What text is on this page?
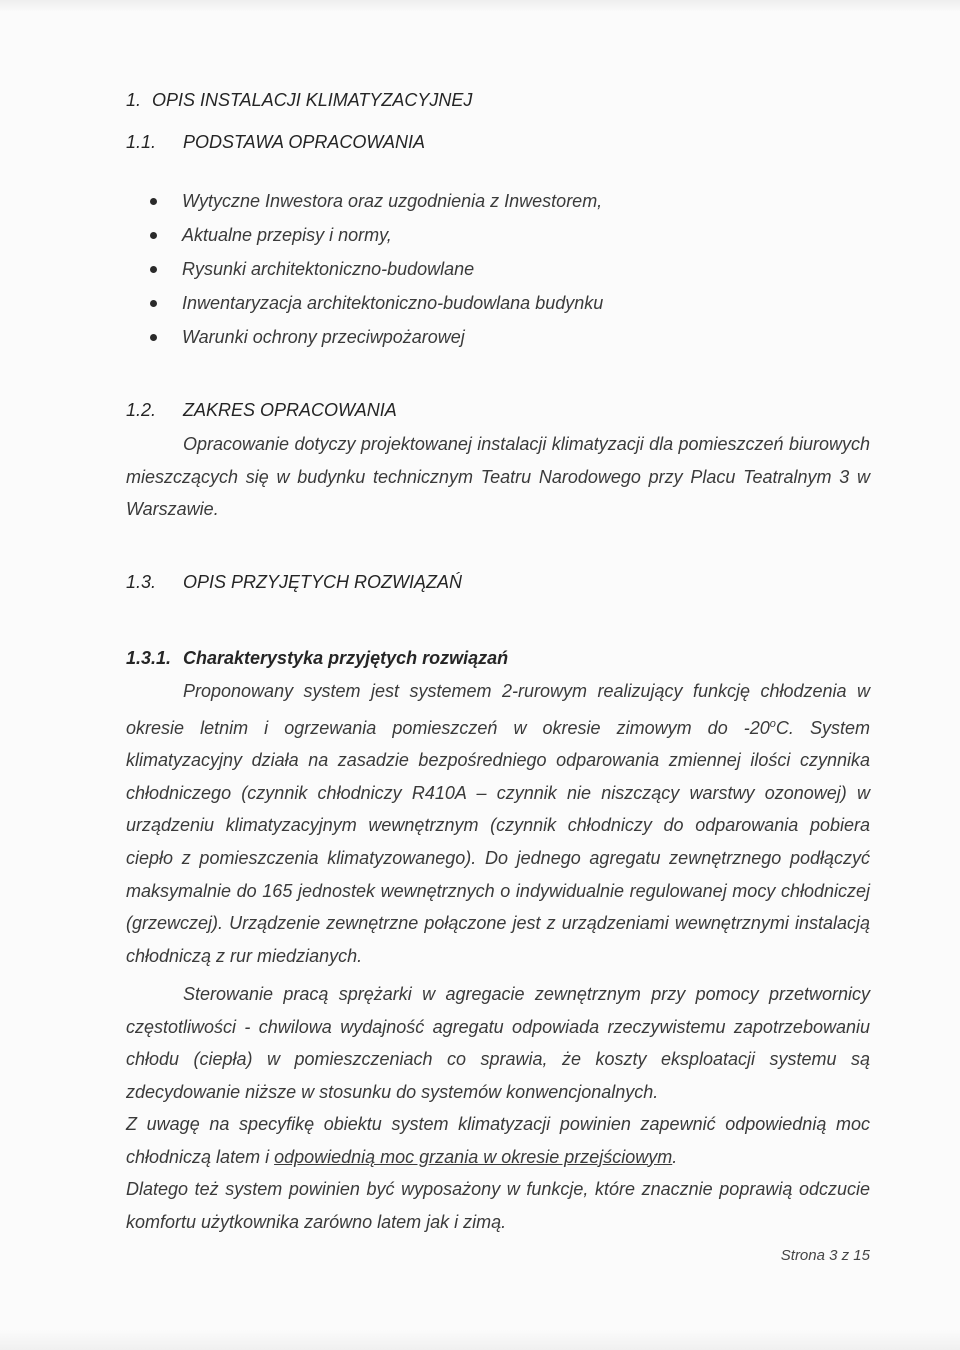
1. OPIS INSTALACJI KLIMATYZACYJNEJ
1.1. PODSTAWA OPRACOWANIA
Wytyczne Inwestora oraz uzgodnienia z Inwestorem,
Aktualne przepisy i normy,
Rysunki architektoniczno-budowlane
Inwentaryzacja architektoniczno-budowlana budynku
Warunki ochrony przeciwpożarowej
1.2. ZAKRES OPRACOWANIA

Opracowanie dotyczy projektowanej instalacji klimatyzacji dla pomieszczeń biurowych mieszczących się w budynku technicznym Teatru Narodowego przy Placu Teatralnym 3 w Warszawie.

1.3. OPIS PRZYJĘTYCH ROZWIĄZAŃ
1.3.1. Charakterystyka przyjętych rozwiązań

Proponowany system jest systemem 2-rurowym realizujący funkcję chłodzenia w okresie letnim i ogrzewania pomieszczeń w okresie zimowym do -20$^o$C. System klimatyzacyjny działa na zasadzie bezpośredniego odparowania zmiennej ilości czynnika chłodniczego (czynnik chłodniczy R410A – czynnik nie niszczący warstwy ozonowej) w urządzeniu klimatyzacyjnym wewnętrznym (czynnik chłodniczy do odparowania pobiera ciepło z pomieszczenia klimatyzowanego). Do jednego agregatu zewnętrznego podłączyć maksymalnie do 165 jednostek wewnętrznych o indywidualnie regulowanej mocy chłodniczej (grzewczej). Urządzenie zewnętrzne połączone jest z urządzeniami wewnętrznymi instalacją chłodniczą z rur miedzianych.

Sterowanie pracą sprężarki w agregacie zewnętrznym przy pomocy przetwornicy częstotliwości - chwilowa wydajność agregatu odpowiada rzeczywistemu zapotrzebowaniu chłodu (ciepła) w pomieszczeniach co sprawia, że koszty eksploatacji systemu są zdecydowanie niższe w stosunku do systemów konwencjonalnych.

Z uwagę na specyfikę obiektu system klimatyzacji powinien zapewnić odpowiednią moc chłodniczą latem i odpowiednią moc grzania w okresie przejściowym.

Dlatego też system powinien być wyposażony w funkcje, które znacznie poprawią odczucie komfortu użytkownika zarówno latem jak i zimą.

Strona 3 z 15
